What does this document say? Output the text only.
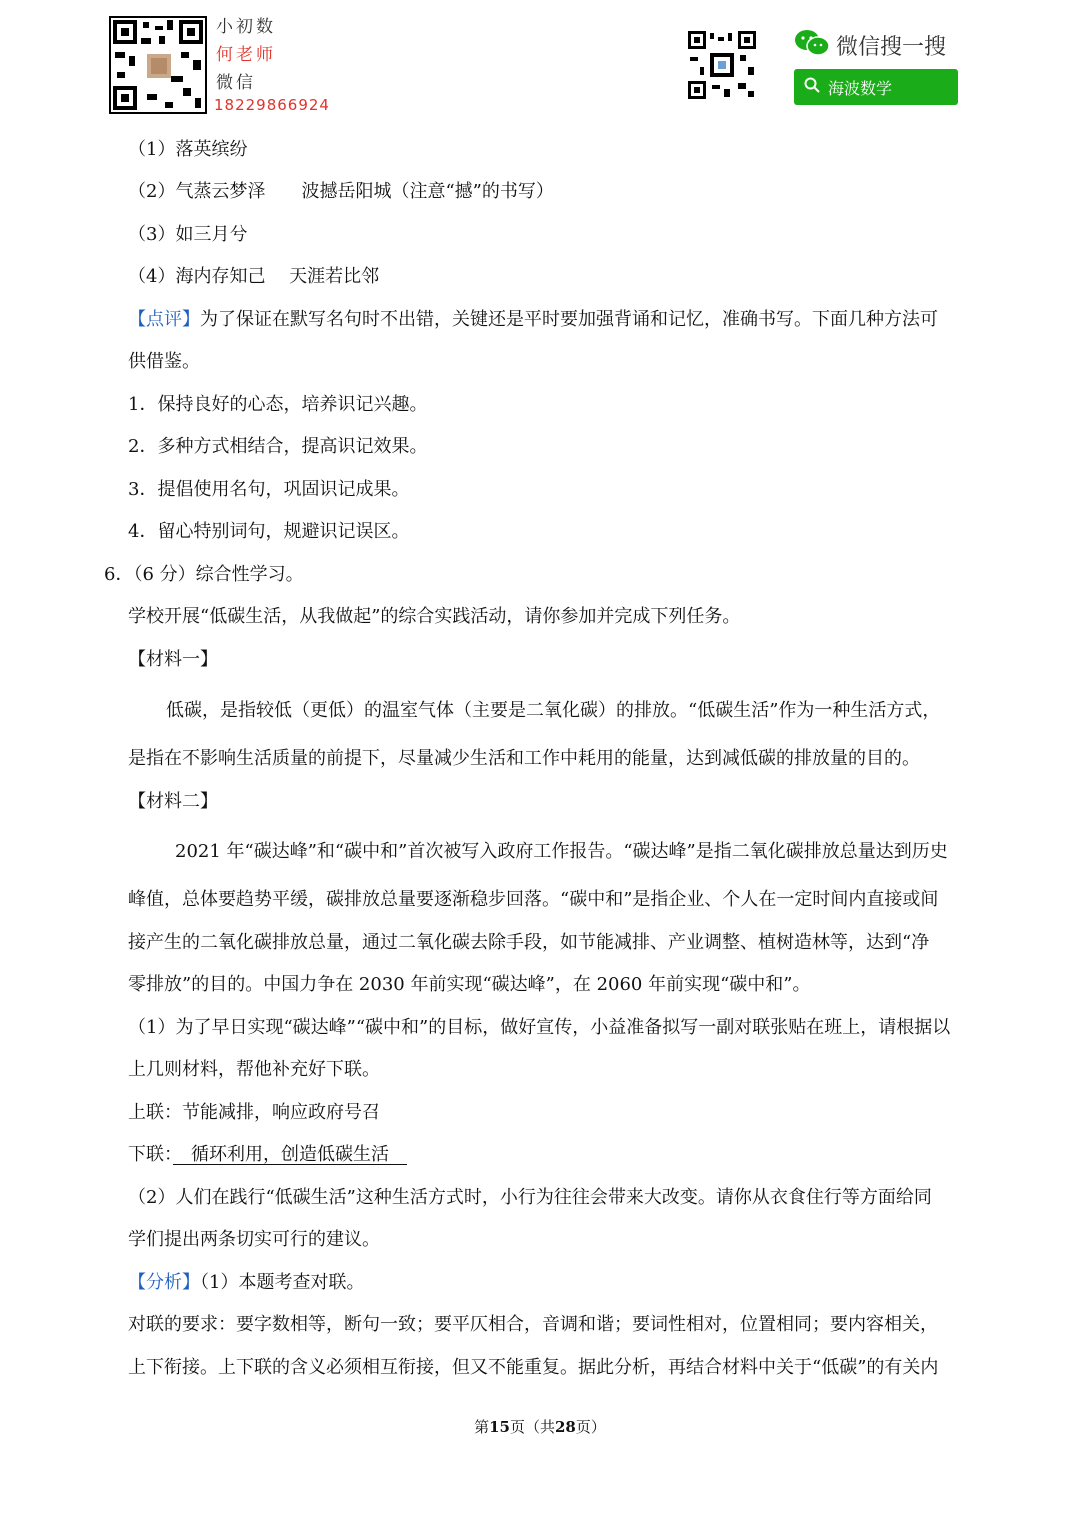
小初数
何老师
微信
18229866924
微信搜一搜
海波数学
（1）落英缤纷
（2）气蒸云梦泽　　波撼岳阳城（注意“撼”的书写）
（3）如三月兮
（4）海内存知己　 天涯若比邻
【点评】为了保证在默写名句时不出错，关键还是平时要加强背诵和记忆，准确书写。下面几种方法可
供借鉴。
1．保持良好的心态，培养识记兴趣。
2．多种方式相结合，提高识记效果。
3．提倡使用名句，巩固识记成果。
4．留心特别词句，规避识记误区。
6．（6 分）综合性学习。
学校开展“低碳生活，从我做起”的综合实践活动，请你参加并完成下列任务。
【材料一】
低碳，是指较低（更低）的温室气体（主要是二氧化碳）的排放。“低碳生活”作为一种生活方式，
是指在不影响生活质量的前提下，尽量减少生活和工作中耗用的能量，达到减低碳的排放量的目的。
【材料二】
2021 年“碳达峰”和“碳中和”首次被写入政府工作报告。“碳达峰”是指二氧化碳排放总量达到历史
峰值，总体要趋势平缓，碳排放总量要逐渐稳步回落。“碳中和”是指企业、个人在一定时间内直接或间
接产生的二氧化碳排放总量，通过二氧化碳去除手段，如节能减排、产业调整、植树造林等，达到“净
零排放”的目的。中国力争在 2030 年前实现“碳达峰”，在 2060 年前实现“碳中和”。
（1）为了早日实现“碳达峰”“碳中和”的目标，做好宣传，小益准备拟写一副对联张贴在班上，请根据以
上几则材料，帮他补充好下联。
上联：节能减排，响应政府号召
下联：　循环利用，创造低碳生活　
（2）人们在践行“低碳生活”这种生活方式时，小行为往往会带来大改变。请你从衣食住行等方面给同
学们提出两条切实可行的建议。
【分析】（1）本题考查对联。
对联的要求：要字数相等，断句一致；要平仄相合，音调和谐；要词性相对，位置相同；要内容相关，
上下衔接。上下联的含义必须相互衔接，但又不能重复。据此分析，再结合材料中关于“低碳”的有关内
第15页（共28页）
